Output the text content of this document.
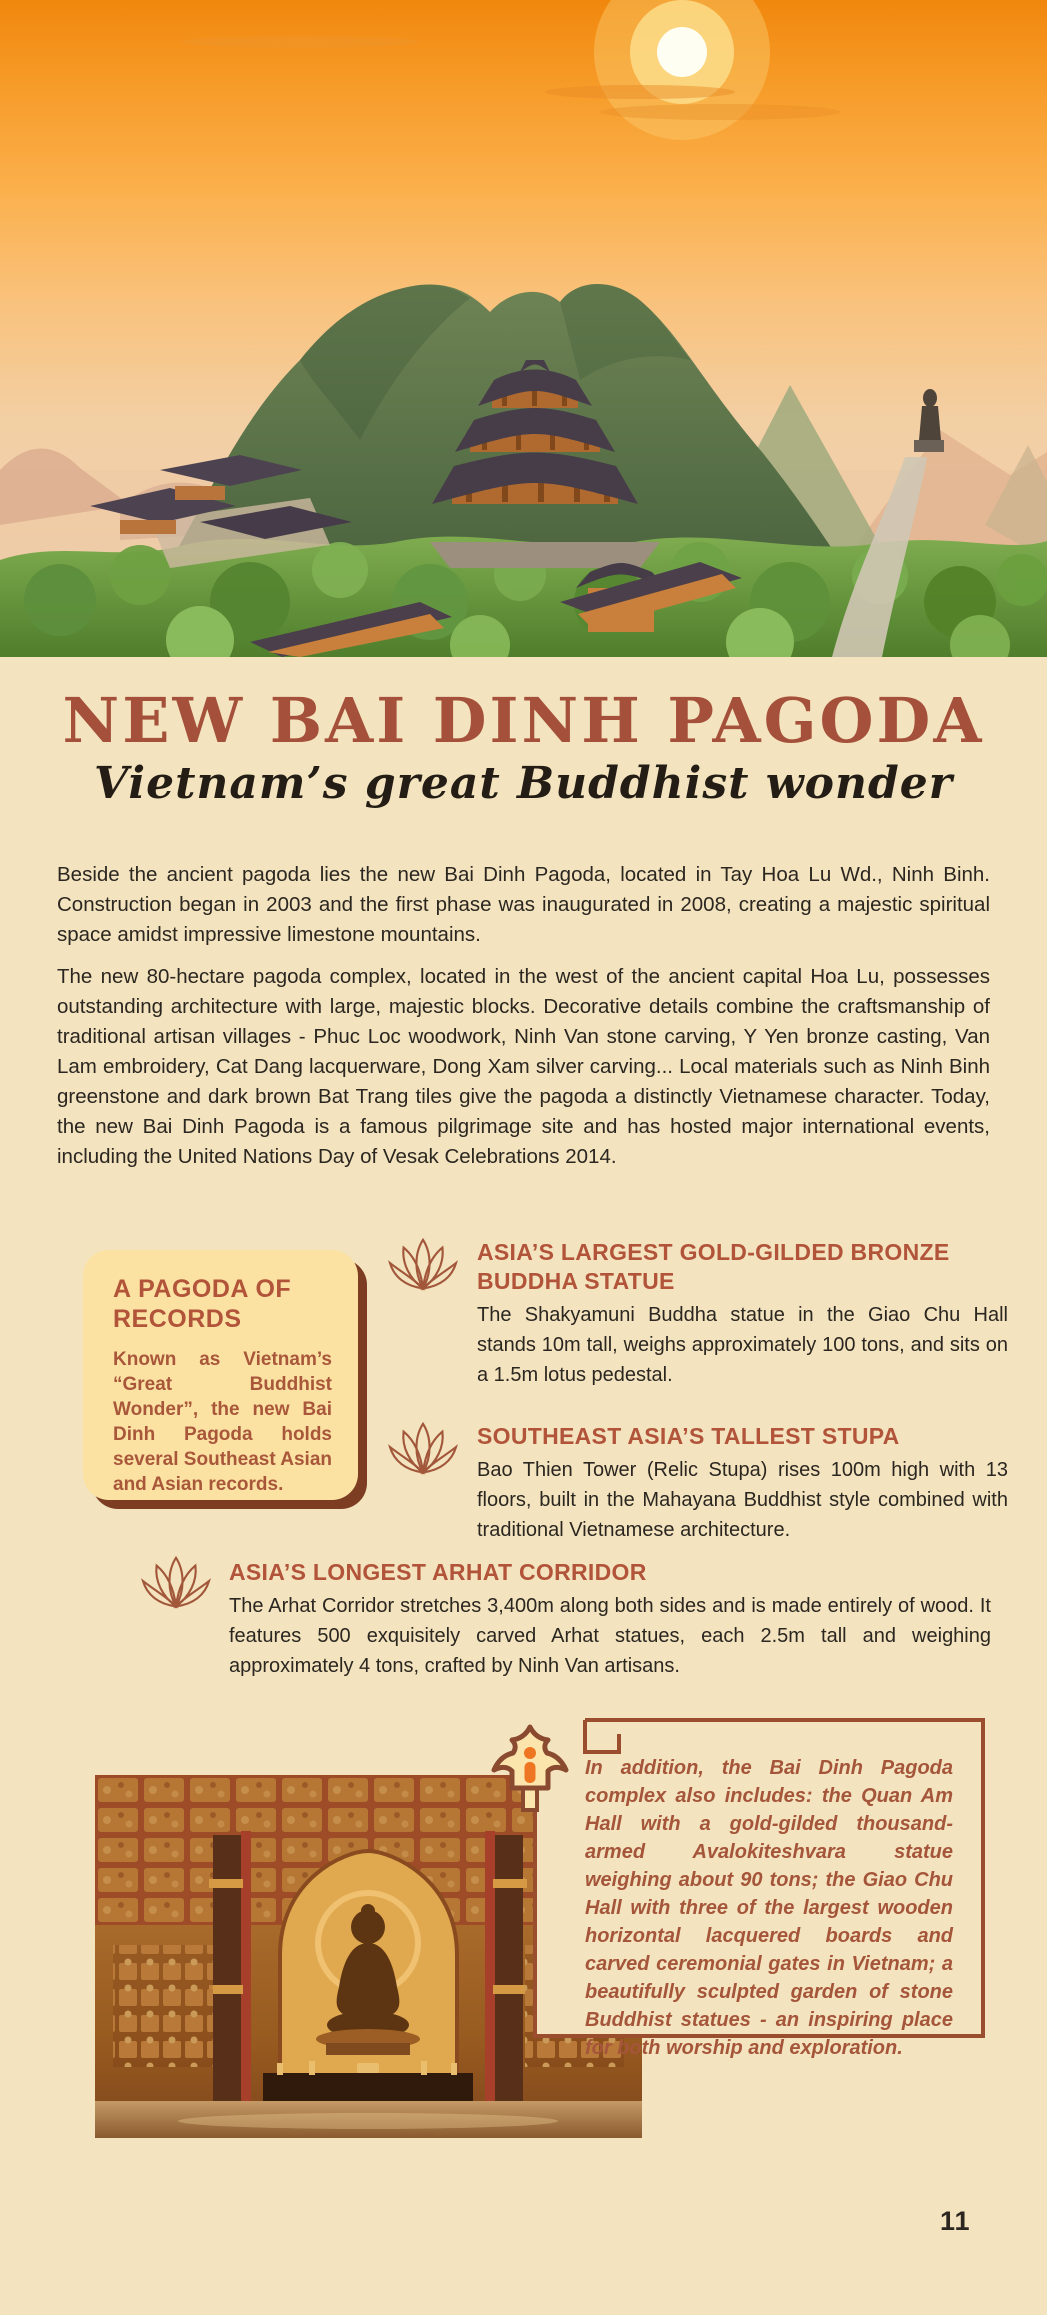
NEW BAI DINH PAGODA
Vietnam’s great Buddhist wonder

Beside the ancient pagoda lies the new Bai Dinh Pagoda, located in Tay Hoa Lu Wd., Ninh Binh. Construction began in 2003 and the first phase was inaugurated in 2008, creating a majestic spiritual space amidst impressive limestone mountains.

The new 80-hectare pagoda complex, located in the west of the ancient capital Hoa Lu, possesses outstanding architecture with large, majestic blocks. Decorative details combine the craftsmanship of traditional artisan villages - Phuc Loc woodwork, Ninh Van stone carving, Y Yen bronze casting, Van Lam embroidery, Cat Dang lacquerware, Dong Xam silver carving... Local materials such as Ninh Binh greenstone and dark brown Bat Trang tiles give the pagoda a distinctly Vietnamese character. Today, the new Bai Dinh Pagoda is a famous pilgrimage site and has hosted major international events, including the United Nations Day of Vesak Celebrations 2014.

A PAGODA OF RECORDS
Known as Vietnam’s “Great Buddhist Wonder”, the new Bai Dinh Pagoda holds several Southeast Asian and Asian records.
ASIA’S LARGEST GOLD-GILDED BRONZE BUDDHA STATUE
The Shakyamuni Buddha statue in the Giao Chu Hall stands 10m tall, weighs approximately 100 tons, and sits on a 1.5m lotus pedestal.
SOUTHEAST ASIA’S TALLEST STUPA
Bao Thien Tower (Relic Stupa) rises 100m high with 13 floors, built in the Mahayana Buddhist style combined with traditional Vietnamese architecture.
ASIA’S LONGEST ARHAT CORRIDOR
The Arhat Corridor stretches 3,400m along both sides and is made entirely of wood. It features 500 exquisitely carved Arhat statues, each 2.5m tall and weighing approximately 4 tons, crafted by Ninh Van artisans.
In addition, the Bai Dinh Pagoda complex also includes: the Quan Am Hall with a gold-gilded thousand-armed Avalokiteshvara statue weighing about 90 tons; the Giao Chu Hall with three of the largest wooden horizontal lacquered boards and carved ceremonial gates in Vietnam; a beautifully sculpted garden of stone Buddhist statues - an inspiring place for both worship and exploration.
11
